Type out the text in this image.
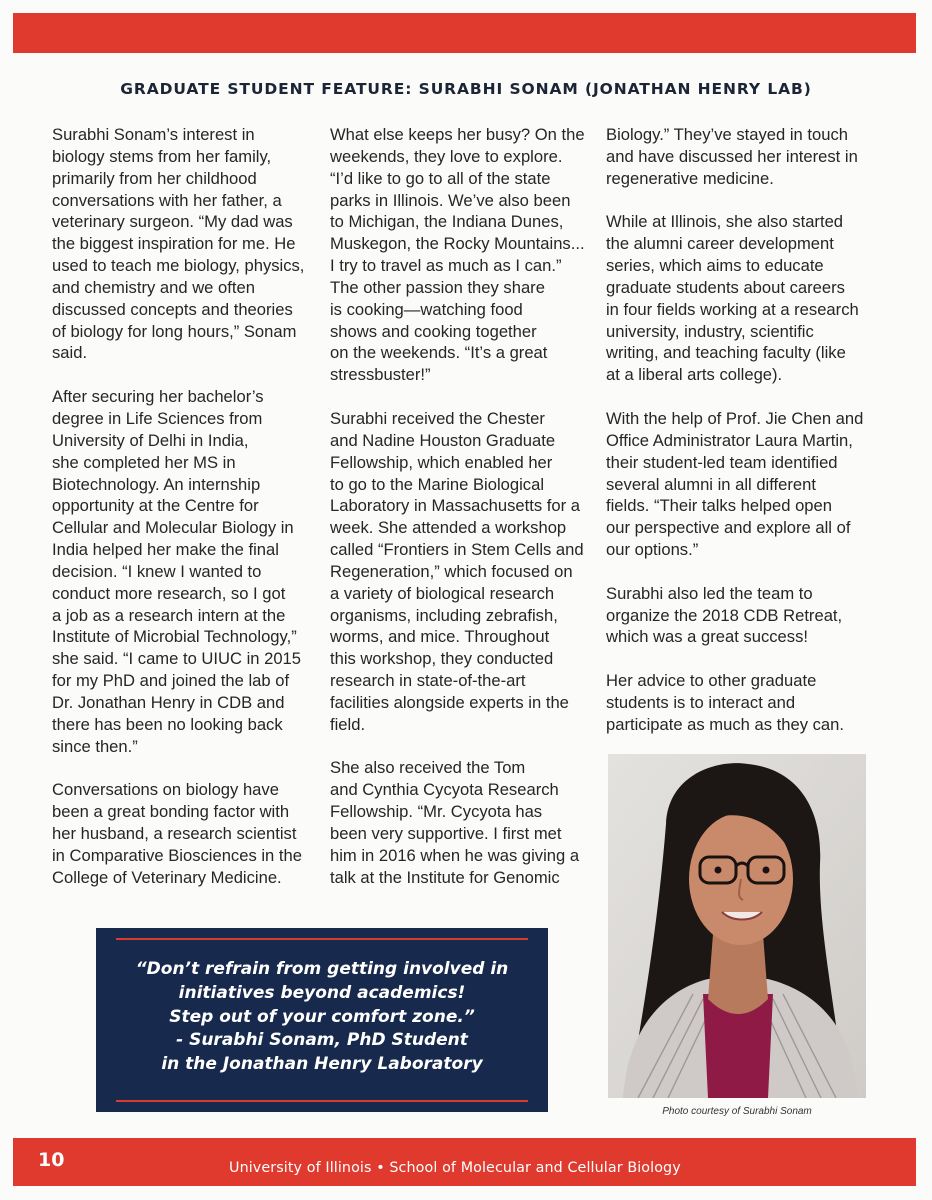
GRADUATE STUDENT FEATURE: SURABHI SONAM (JONATHAN HENRY LAB)

Surabhi Sonam’s interest in
biology stems from her family,
primarily from her childhood
conversations with her father, a
veterinary surgeon. “My dad was
the biggest inspiration for me. He
used to teach me biology, physics,
and chemistry and we often
discussed concepts and theories
of biology for long hours,” Sonam
said.

After securing her bachelor’s
degree in Life Sciences from
University of Delhi in India,
she completed her MS in
Biotechnology. An internship
opportunity at the Centre for
Cellular and Molecular Biology in
India helped her make the final
decision. “I knew I wanted to
conduct more research, so I got
a job as a research intern at the
Institute of Microbial Technology,”
she said. “I came to UIUC in 2015
for my PhD and joined the lab of
Dr. Jonathan Henry in CDB and
there has been no looking back
since then.”

Conversations on biology have
been a great bonding factor with
her husband, a research scientist
in Comparative Biosciences in the
College of Veterinary Medicine.

What else keeps her busy? On the
weekends, they love to explore.
“I’d like to go to all of the state
parks in Illinois. We’ve also been
to Michigan, the Indiana Dunes,
Muskegon, the Rocky Mountains...
I try to travel as much as I can.”
The other passion they share
is cooking—watching food
shows and cooking together
on the weekends. “It’s a great
stressbuster!”

Surabhi received the Chester
and Nadine Houston Graduate
Fellowship, which enabled her
to go to the Marine Biological
Laboratory in Massachusetts for a
week. She attended a workshop
called “Frontiers in Stem Cells and
Regeneration,” which focused on
a variety of biological research
organisms, including zebrafish,
worms, and mice. Throughout
this workshop, they conducted
research in state-of-the-art
facilities alongside experts in the
field.

She also received the Tom
and Cynthia Cycyota Research
Fellowship. “Mr. Cycyota has
been very supportive. I first met
him in 2016 when he was giving a
talk at the Institute for Genomic

Biology.” They’ve stayed in touch
and have discussed her interest in
regenerative medicine.

While at Illinois, she also started
the alumni career development
series, which aims to educate
graduate students about careers
in four fields working at a research
university, industry, scientific
writing, and teaching faculty (like
at a liberal arts college).

With the help of Prof. Jie Chen and
Office Administrator Laura Martin,
their student-led team identified
several alumni in all different
fields. “Their talks helped open
our perspective and explore all of
our options.”

Surabhi also led the team to
organize the 2018 CDB Retreat,
which was a great success!

Her advice to other graduate
students is to interact and
participate as much as they can.

“Don’t refrain from getting involved in
initiatives beyond academics!
Step out of your comfort zone.”
- Surabhi Sonam, PhD Student
in the Jonathan Henry Laboratory
Photo courtesy of Surabhi Sonam
10	University of Illinois • School of Molecular and Cellular Biology
